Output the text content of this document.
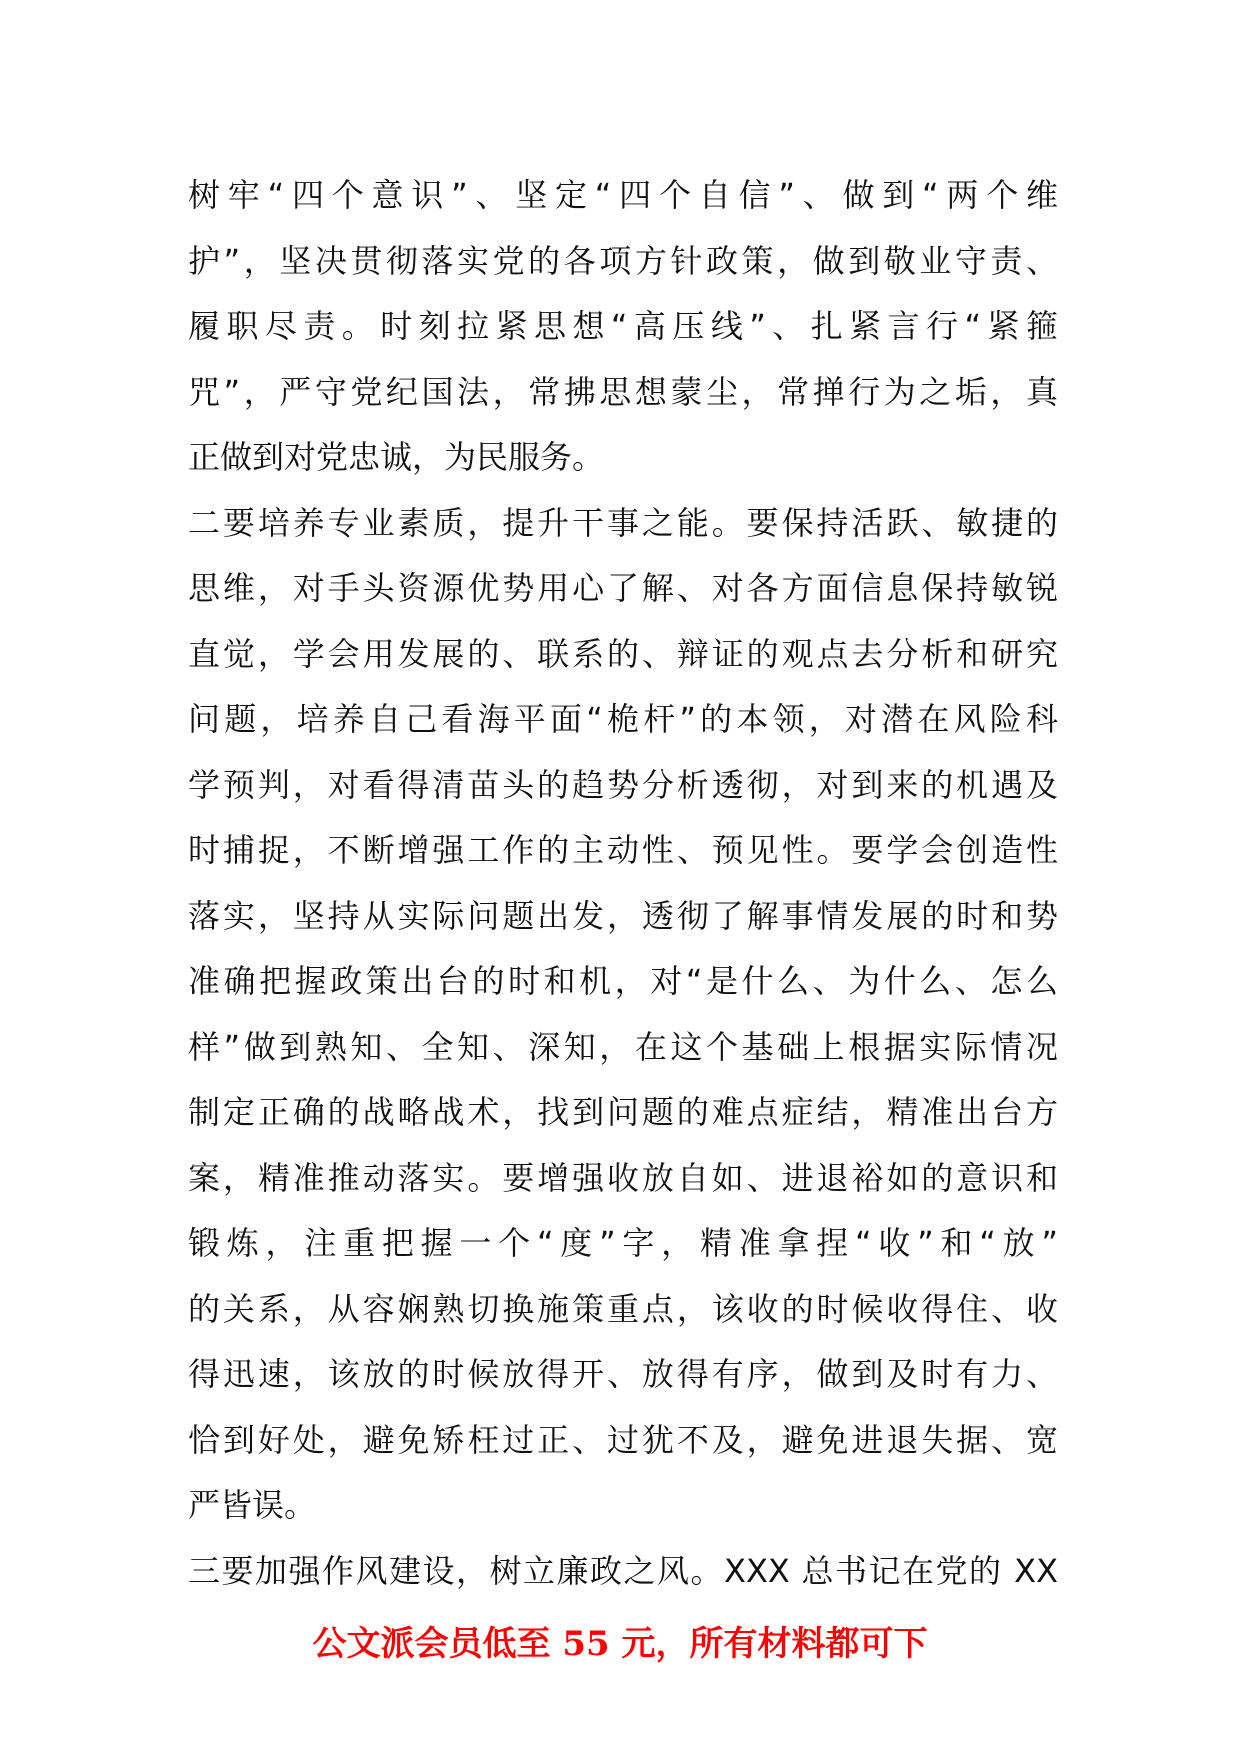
树牢“四个意识”、坚定“四个自信”、做到“两个维
护”，坚决贯彻落实党的各项方针政策，做到敬业守责、
履职尽责。时刻拉紧思想“高压线”、扎紧言行“紧箍
咒”，严守党纪国法，常拂思想蒙尘，常掸行为之垢，真
正做到对党忠诚，为民服务。
二要培养专业素质，提升干事之能。要保持活跃、敏捷的
思维，对手头资源优势用心了解、对各方面信息保持敏锐
直觉，学会用发展的、联系的、辩证的观点去分析和研究
问题，培养自己看海平面“桅杆”的本领，对潜在风险科
学预判，对看得清苗头的趋势分析透彻，对到来的机遇及
时捕捉，不断增强工作的主动性、预见性。要学会创造性
落实，坚持从实际问题出发，透彻了解事情发展的时和势
准确把握政策出台的时和机，对“是什么、为什么、怎么
样”做到熟知、全知、深知，在这个基础上根据实际情况
制定正确的战略战术，找到问题的难点症结，精准出台方
案，精准推动落实。要增强收放自如、进退裕如的意识和
锻炼，注重把握一个“度”字，精准拿捏“收”和“放”
的关系，从容娴熟切换施策重点，该收的时候收得住、收
得迅速，该放的时候放得开、放得有序，做到及时有力、
恰到好处，避免矫枉过正、过犹不及，避免进退失据、宽
严皆误。
三要加强作风建设，树立廉政之风。XXX 总书记在党的 XX
公文派会员低至 55 元，所有材料都可下
